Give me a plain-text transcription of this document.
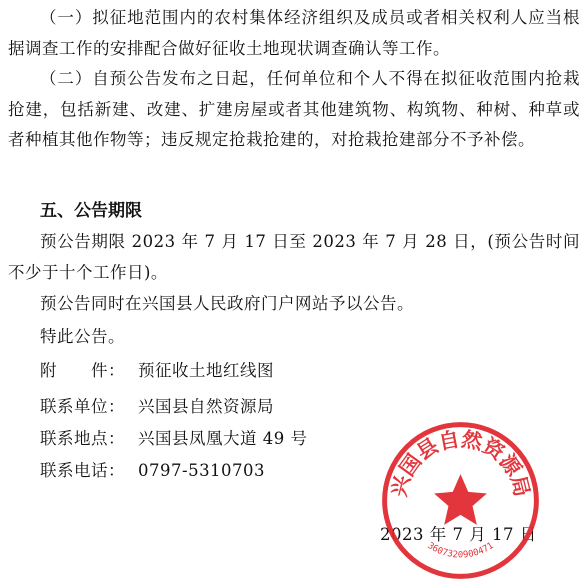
（一）拟征地范围内的农村集体经济组织及成员或者相关权利人应当根据调查工作的安排配合做好征收土地现状调查确认等工作。

（二）自预公告发布之日起，任何单位和个人不得在拟征收范围内抢栽抢建，包括新建、改建、扩建房屋或者其他建筑物、构筑物、种树、种草或者种植其他作物等；违反规定抢栽抢建的，对抢栽抢建部分不予补偿。

五、公告期限

预公告期限 2023 年 7 月 17 日至 2023 年 7 月 28 日，(预公告时间不少于十个工作日)。

预公告同时在兴国县人民政府门户网站予以公告。

特此公告。

附　　件： 预征收土地红线图

联系单位： 兴国县自然资源局

联系地点： 兴国县凤凰大道 49 号

联系电话： 0797-5310703

2023 年 7 月 17 日

兴国县自然资源局
3607320900471
